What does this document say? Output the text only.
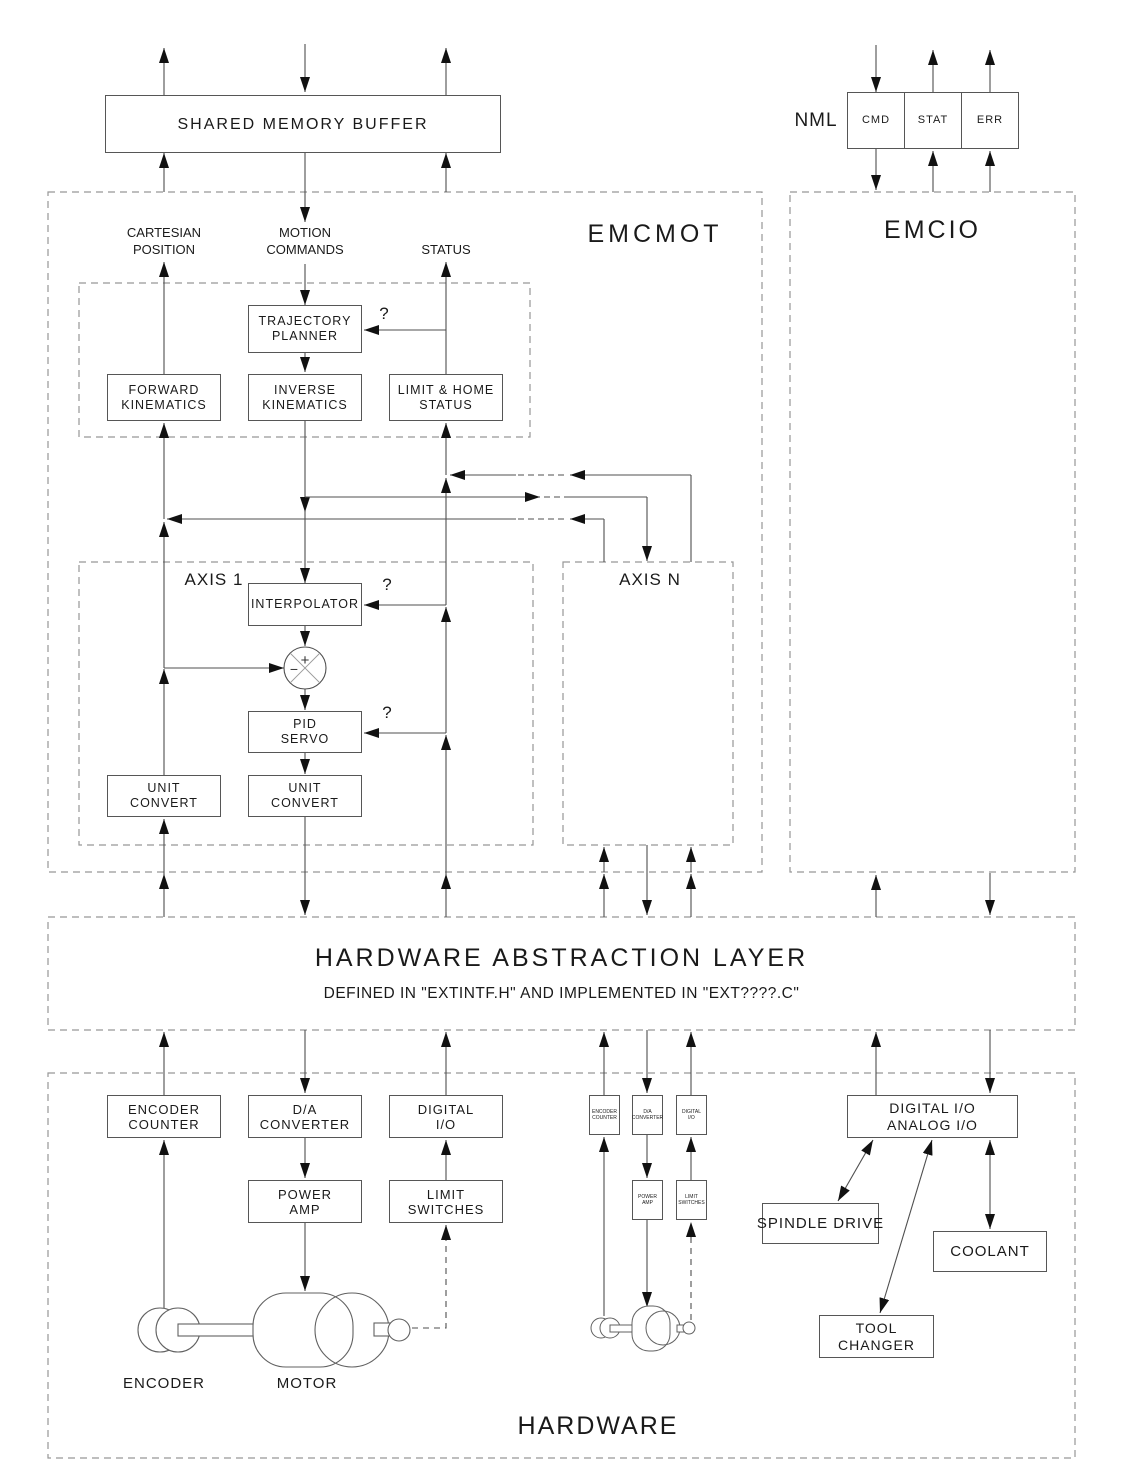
+
−
SHARED MEMORY BUFFER	NML CMD	STAT	ERR
EMCMOT	EMCIO
CARTESIAN
POSITION
MOTION
COMMANDS	STATUS
TRAJECTORY
PLANNER
?
FORWARD
KINEMATICS
INVERSE
KINEMATICS
LIMIT & HOME
STATUS
AXIS 1
INTERPOLATOR
?
PID
SERVO
?
UNIT
CONVERT
UNIT
CONVERT
AXIS N
HARDWARE ABSTRACTION LAYER
DEFINED IN "EXTINTF.H" AND IMPLEMENTED IN "EXT????.C"
ENCODER
COUNTER
D/A
CONVERTER
DIGITAL
I/O
POWER
AMP
LIMIT
SWITCHES
ENCODER	MOTOR
ENCODER
COUNTER
D/A
CONVERTER
DIGITAL
I/O
POWER
AMP
LIMIT
SWITCHES
DIGITAL I/O
ANALOG I/O
SPINDLE DRIVE
COOLANT
TOOL
CHANGER
HARDWARE
